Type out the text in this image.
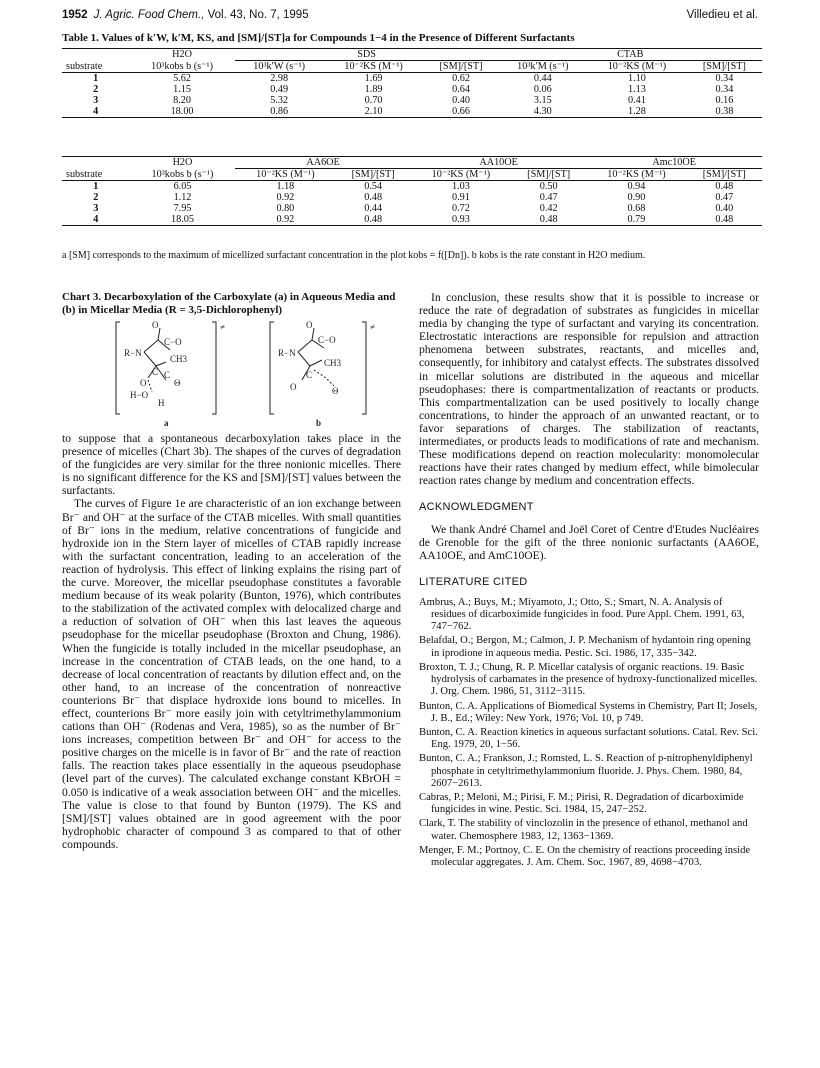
1952 J. Agric. Food Chem., Vol. 43, No. 7, 1995	Villedieu et al.
Table 1. Values of k′W, k′M, KS, and [SM]/[ST]a for Compounds 1−4 in the Presence of Different Surfactants
	H2O	SDS			CTAB		
substrate	10³kobs b (s⁻¹)	10³k′W (s⁻¹)	10⁻²KS (M⁻¹)	[SM]/[ST]	10³k′M (s⁻¹)	10⁻²KS (M⁻¹)	[SM]/[ST]
1	5.62	2.98	1.69	0.62	0.44	1.10	0.34
2	1.15	0.49	1.89	0.64	0.06	1.13	0.34
3	8.20	5.32	0.70	0.40	3.15	0.41	0.16
4	18.00	0.86	2.10	0.66	4.30	1.28	0.38
	H2O	AA6OE		AA10OE		Amc10OE	
substrate	10³kobs b (s⁻¹)	10⁻²KS (M⁻¹)	[SM]/[ST]	10⁻²KS (M⁻¹)	[SM]/[ST]	10⁻²KS (M⁻¹)	[SM]/[ST]
1	6.05	1.18	0.54	1.03	0.50	0.94	0.48
2	1.12	0.92	0.48	0.91	0.47	0.90	0.47
3	7.95	0.80	0.44	0.72	0.42	0.68	0.40
4	18.05	0.92	0.48	0.93	0.48	0.79	0.48
a [SM] corresponds to the maximum of micellized surfactant concentration in the plot kobs = f([Dn]). b kobs is the rate constant in H2O medium.
Chart 3. Decarboxylation of the Carboxylate (a) in Aqueous Media and (b) in Micellar Media (R = 3,5-Dichlorophenyl)
O
C−O
R−N
CH3
C C
O	Θ
H−O
H
≠	O
C−O
R−N
CH3
C
O	Θ
≠
a	b

to suppose that a spontaneous decarboxylation takes place in the presence of micelles (Chart 3b). The shapes of the curves of degradation of the fungicides are very similar for the three nonionic micelles. There is no significant difference for the KS and [SM]/[ST] values between the surfactants.

The curves of Figure 1e are characteristic of an ion exchange between Br⁻ and OH⁻ at the surface of the CTAB micelles. With small quantities of Br⁻ ions in the medium, relative concentrations of fungicide and hydroxide ion in the Stern layer of micelles of CTAB rapidly increase with the surfactant concentration, leading to an acceleration of the reaction of hydrolysis. This effect of linking explains the rising part of the curve. Moreover, the micellar pseudophase constitutes a favorable medium because of its weak polarity (Bunton, 1976), which contributes to the stabilization of the activated complex with delocalized charge and a reduction of solvation of OH⁻ when this last leaves the aqueous pseudophase for the micellar pseudophase (Broxton and Chung, 1986). When the fungicide is totally included in the micellar pseudophase, an increase in the concentration of CTAB leads, on the one hand, to a decrease of local concentration of reactants by dilution effect and, on the other hand, to an increase of the concentration of nonreactive counterions Br⁻ that displace hydroxide ions bound to micelles. In effect, counterions Br⁻ more easily join with cetyltrimethylammonium cations than OH⁻ (Rodenas and Vera, 1985), so as the number of Br⁻ ions increases, competition between Br⁻ and OH⁻ for access to the positive charges on the micelle is in favor of Br⁻ and the rate of reaction falls. The reaction takes place essentially in the aqueous pseudophase (level part of the curves). The calculated exchange constant KBrOH = 0.050 is indicative of a weak association between OH⁻ and the micelles. The value is close to that found by Bunton (1979). The KS and [SM]/[ST] values obtained are in good agreement with the poor hydrophobic character of compound 3 as compared to that of other compounds.

In conclusion, these results show that it is possible to increase or reduce the rate of degradation of substrates as fungicides in micellar media by changing the type of surfactant and varying its concentration. Electrostatic interactions are responsible for repulsion and attraction phenomena between substrates, reactants, and micelles and, consequently, for inhibitory and catalyst effects. The substrates dissolved in micellar solutions are distributed in the aqueous and micellar pseudophases: there is compartmentalization of reactants or products. This compartmentalization can be used positively to locally change concentrations, to hinder the approach of an unwanted reactant, or to favor separations of charges. The stabilization of reactants, intermediates, or products leads to modifications of rate and mechanism. These modifications depend on reaction molecularity: monomolecular reactions have their rates changed by medium effect, while bimolecular reaction rates change by medium and concentration effects.

ACKNOWLEDGMENT

We thank André Chamel and Joël Coret of Centre d'Etudes Nucléaires de Grenoble for the gift of the three nonionic surfactants (AA6OE, AA10OE, and AmC10OE).

LITERATURE CITED

Ambrus, A.; Buys, M.; Miyamoto, J.; Otto, S.; Smart, N. A. Analysis of residues of dicarboximide fungicides in food. Pure Appl. Chem. 1991, 63, 747−762.

Belafdal, O.; Bergon, M.; Calmon, J. P. Mechanism of hydantoin ring opening in iprodione in aqueous media. Pestic. Sci. 1986, 17, 335−342.

Broxton, T. J.; Chung, R. P. Micellar catalysis of organic reactions. 19. Basic hydrolysis of carbamates in the presence of hydroxy-functionalized micelles. J. Org. Chem. 1986, 51, 3112−3115.

Bunton, C. A. Applications of Biomedical Systems in Chemistry, Part II; Josels, J. B., Ed.; Wiley: New York, 1976; Vol. 10, p 749.

Bunton, C. A. Reaction kinetics in aqueous surfactant solutions. Catal. Rev. Sci. Eng. 1979, 20, 1−56.

Bunton, C. A.; Frankson, J.; Romsted, L. S. Reaction of p-nitrophenyldiphenyl phosphate in cetyltrimethylammonium fluoride. J. Phys. Chem. 1980, 84, 2607−2613.

Cabras, P.; Meloni, M.; Pirisi, F. M.; Pirisi, R. Degradation of dicarboximide fungicides in wine. Pestic. Sci. 1984, 15, 247−252.

Clark, T. The stability of vinclozolin in the presence of ethanol, methanol and water. Chemosphere 1983, 12, 1363−1369.

Menger, F. M.; Portnoy, C. E. On the chemistry of reactions proceeding inside molecular aggregates. J. Am. Chem. Soc. 1967, 89, 4698−4703.
